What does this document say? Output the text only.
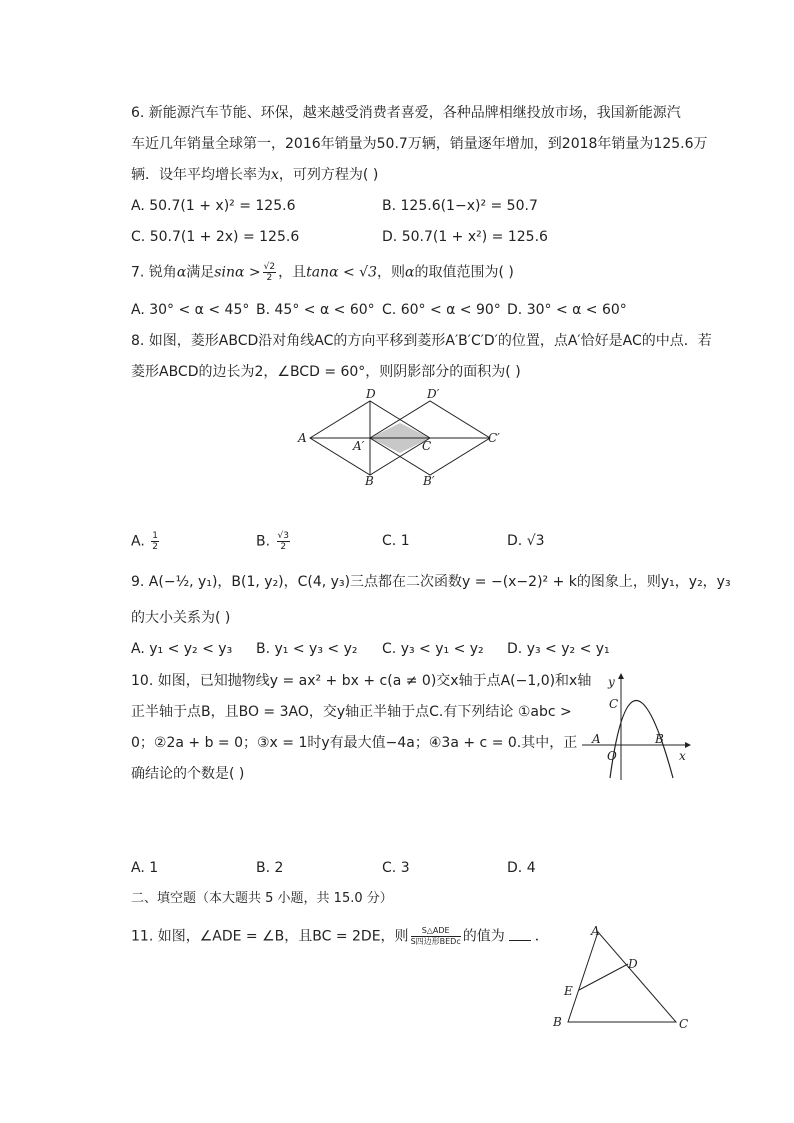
6. 新能源汽车节能、环保，越来越受消费者喜爱，各种品牌相继投放市场，我国新能源汽
车近几年销量全球第一，2016年销量为50.7万辆，销量逐年增加，到2018年销量为125.6万
辆．设年平均增长率为x，可列方程为( )
A. 50.7(1 + x)² = 125.6	B. 125.6(1−x)² = 50.7
C. 50.7(1 + 2x) = 125.6	D. 50.7(1 + x²) = 125.6
7. 锐角α满足$\sin\alpha > \frac{√2}{2}$ ，且tanα < √3，则α的取值范围为( )
A. 30° < α < 45° B. 45° < α < 60° C. 60° < α < 90° D. 30° < α < 60°
8. 如图，菱形ABCD沿对角线AC的方向平移到菱形A′B′C′D′的位置，点A′恰好是AC的中点．若
菱形ABCD的边长为2，∠BCD = 60°，则阴影部分的面积为( )
D	D′
A
A′	C
C′
B	B′
A. $\frac{1}{2}$	B. $\frac{√3}{2}$	C. 1	D. √3
9. A(−½, y₁)，B(1, y₂)，C(4, y₃)三点都在二次函数y = −(x−2)² + k的图象上，则y₁，y₂，y₃
的大小关系为( )
A. y₁ < y₂ < y₃ B. y₁ < y₃ < y₂ C. y₃ < y₁ < y₂ D. y₃ < y₂ < y₁
10. 如图，已知抛物线y = ax² + bx + c(a ≠ 0)交x轴于点A(−1,0)和x轴
正半轴于点B，且BO = 3AO，交y轴正半轴于点C.有下列结论 ①abc >
0；②2a + b = 0；③x = 1时y有最大值−4a；④3a + c = 0.其中，正
确结论的个数是( )
y
C
A
O
B
x
A. 1	B. 2	C. 3	D. 4
二、填空题（本大题共 5 小题，共 15.0 分）
11. 如图，∠ADE = ∠B，且BC = 2DE，则 $\frac{\text{S△ADE}}{\text{S四边形BEDc}}$ 的值为 ．	A
D
E
B	C
